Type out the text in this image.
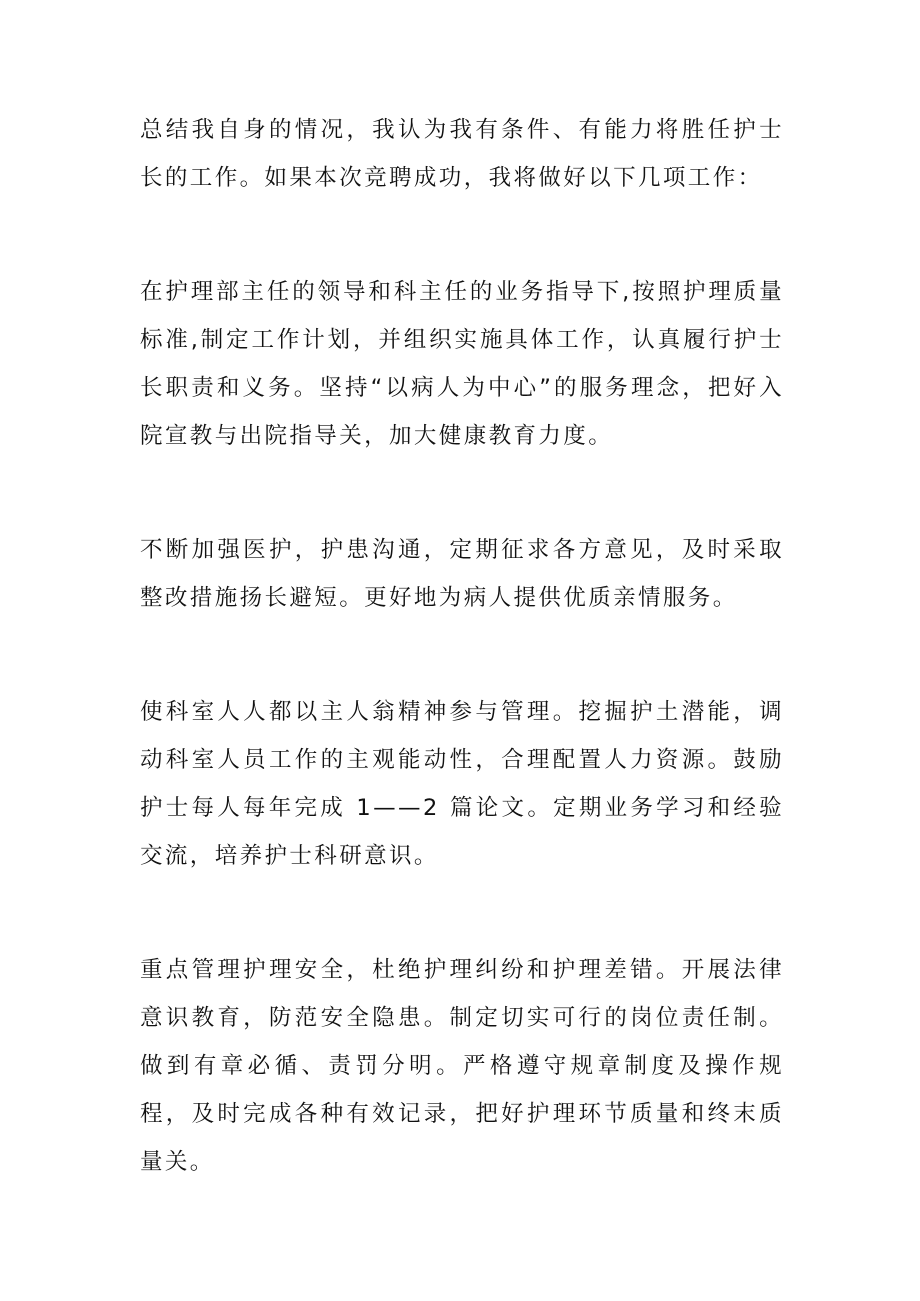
总结我自身的情况，我认为我有条件、有能力将胜任护士长的工作。如果本次竞聘成功，我将做好以下几项工作：

在护理部主任的领导和科主任的业务指导下,按照护理质量标准,制定工作计划，并组织实施具体工作，认真履行护士长职责和义务。坚持“以病人为中心”的服务理念，把好入院宣教与出院指导关，加大健康教育力度。

不断加强医护，护患沟通，定期征求各方意见，及时采取整改措施扬长避短。更好地为病人提供优质亲情服务。

使科室人人都以主人翁精神参与管理。挖掘护土潜能，调动科室人员工作的主观能动性，合理配置人力资源。鼓励护士每人每年完成 1——2 篇论文。定期业务学习和经验交流，培养护士科研意识。

重点管理护理安全，杜绝护理纠纷和护理差错。开展法律意识教育，防范安全隐患。制定切实可行的岗位责任制。做到有章必循、责罚分明。严格遵守规章制度及操作规程，及时完成各种有效记录，把好护理环节质量和终末质量关。
